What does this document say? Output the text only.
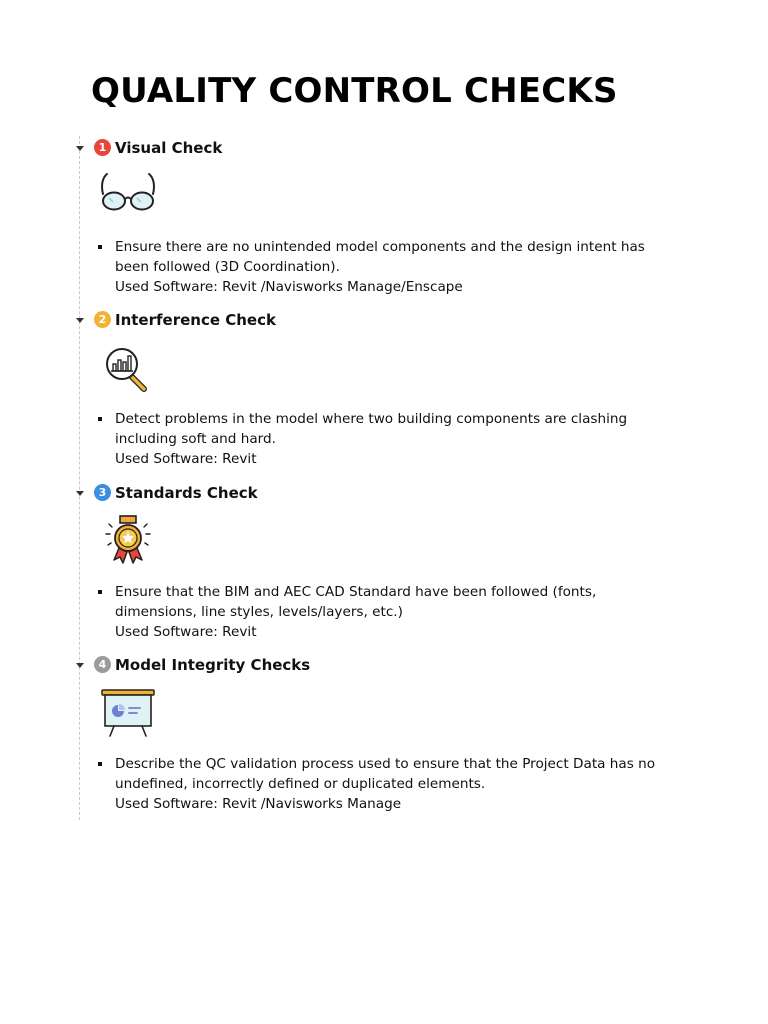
QUALITY CONTROL CHECKS
1 Visual Check

Ensure there are no unintended model components and the design intent has been followed (3D Coordination).
Used Software: Revit /Navisworks Manage/Enscape

2 Interference Check

Detect problems in the model where two building components are clashing including soft and hard.
Used Software: Revit

3 Standards Check

Ensure that the BIM and AEC CAD Standard have been followed (fonts, dimensions, line styles, levels/layers, etc.)
Used Software: Revit

4 Model Integrity Checks

Describe the QC validation process used to ensure that the Project Data has no undefined, incorrectly defined or duplicated elements.
Used Software: Revit /Navisworks Manage
